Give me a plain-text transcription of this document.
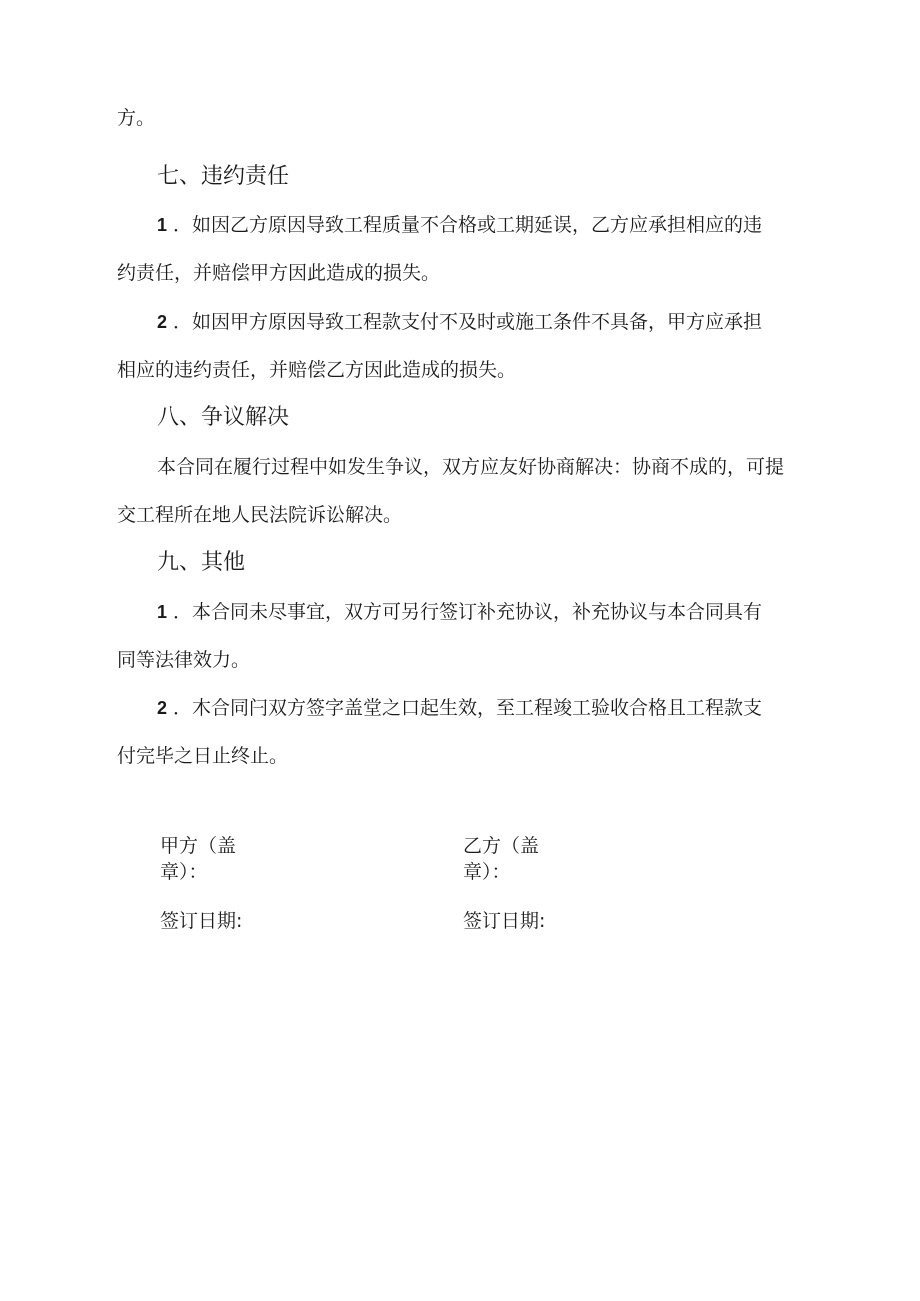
方。
七、违约责任
1 ．如因乙方原因导致工程质量不合格或工期延误，乙方应承担相应的违
约责任，并赔偿甲方因此造成的损失。
2 ．如因甲方原因导致工程款支付不及时或施工条件不具备，甲方应承担
相应的违约责任，并赔偿乙方因此造成的损失。
八、争议解决
本合同在履行过程中如发生争议，双方应友好协商解决：协商不成的，可提
交工程所在地人民法院诉讼解决。
九、其他
1 ．本合同未尽事宜，双方可另行签订补充协议，补充协议与本合同具有
同等法律效力。
2 ．木合同闩双方签字盖堂之口起生效，至工程竣工验收合格且工程款支
付完毕之日止终止。
甲方（盖
章）：
签订日期:
乙方（盖
章）：
签订日期:
